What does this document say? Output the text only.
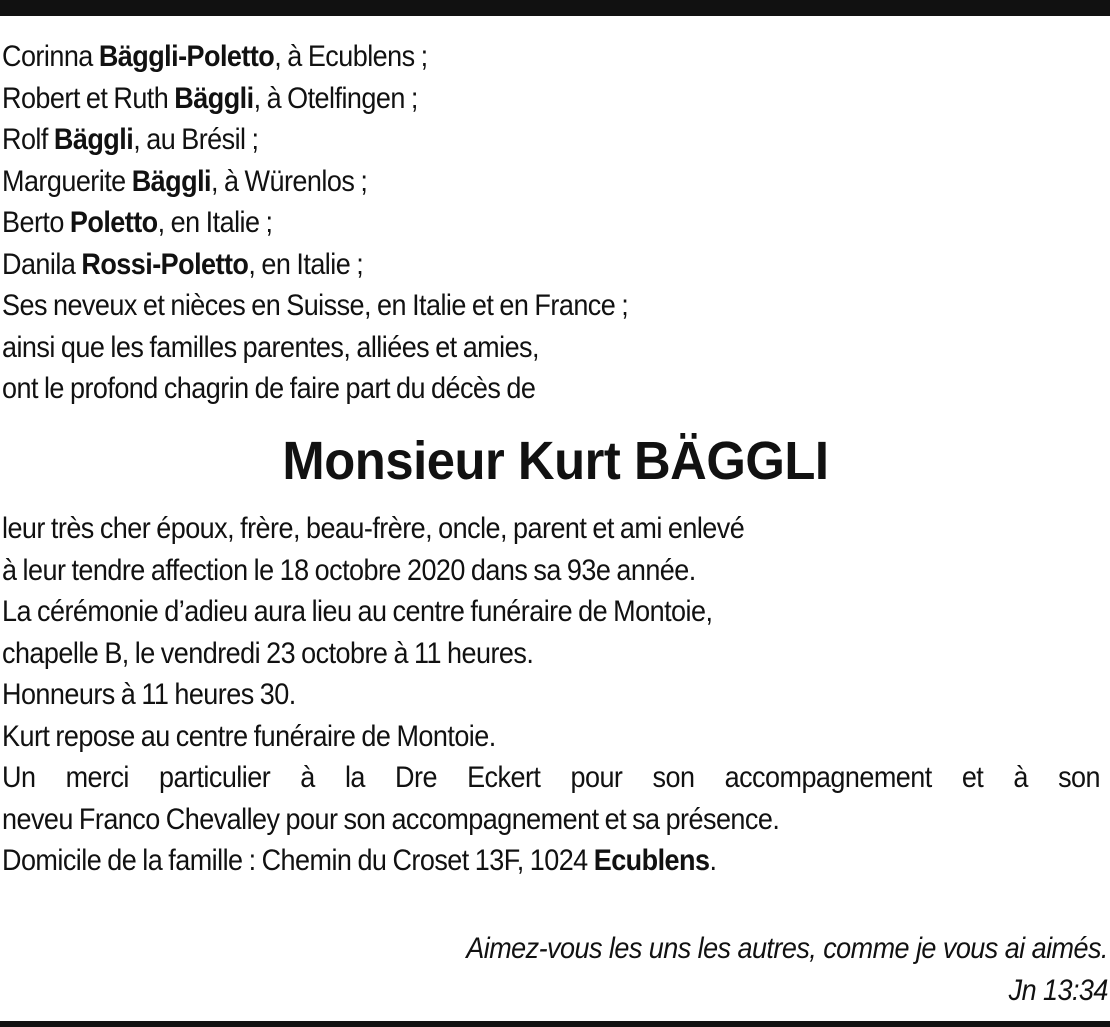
Corinna Bäggli-Poletto, à Ecublens ;
Robert et Ruth Bäggli, à Otelfingen ;
Rolf Bäggli, au Brésil ;
Marguerite Bäggli, à Würenlos ;
Berto Poletto, en Italie ;
Danila Rossi-Poletto, en Italie ;
Ses neveux et nièces en Suisse, en Italie et en France ;
ainsi que les familles parentes, alliées et amies,
ont le profond chagrin de faire part du décès de
Monsieur Kurt BÄGGLI
leur très cher époux, frère, beau-frère, oncle, parent et ami enlevé
à leur tendre affection le 18 octobre 2020 dans sa 93e année.
La cérémonie d’adieu aura lieu au centre funéraire de Montoie,
chapelle B, le vendredi 23 octobre à 11 heures.
Honneurs à 11 heures 30.
Kurt repose au centre funéraire de Montoie.
Un merci particulier à la Dre Eckert pour son accompagnement et à son
neveu Franco Chevalley pour son accompagnement et sa présence.
Domicile de la famille : Chemin du Croset 13F, 1024 Ecublens.
Aimez-vous les uns les autres, comme je vous ai aimés.
Jn 13:34
